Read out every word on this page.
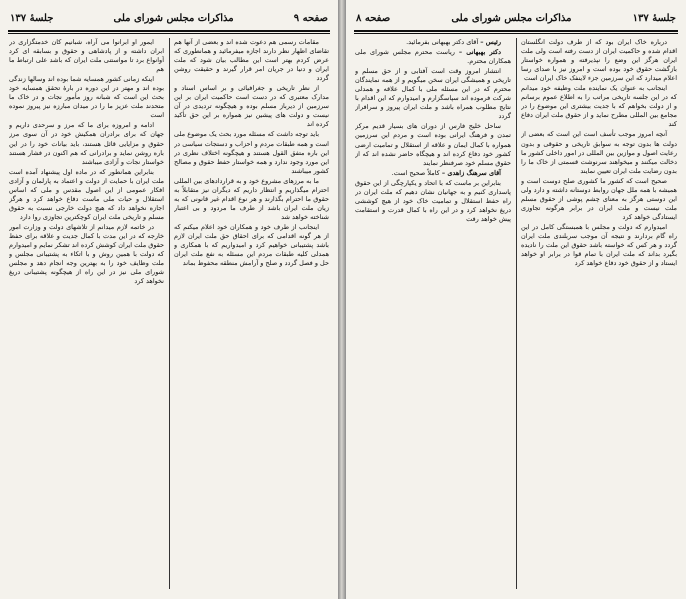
صفحه ۹
مذاکرات مجلس شورای ملی
جلسهٔ ۱۳۷

ایمور او ابرانوا می آراه، شبانیم کان خدمتگزاری در ابران داشته و از پادشاهی و حقوق و بسابقه ای کرد آوانواع برد تا مواستنی ملت ایران که باشد علی ارتباط ما هم

اینکه زمانی کشور همسایه شما بوده اند وسالها زندگی بوده اند و مهتر در این دوره در بارهٔ تحقق همسایه خود بحث این است که شبانه روز مأمور نجات و در خاک ما متحدند ملت عزیز ما را در میدان مبارزه نیز پیروز نموده است

ادامه و امروزه برای ما که مرز و سرحدی داریم و جهان که برای برادران همکیش خود در آن سوی مرز حقوق و مزایایی قائل هستند، باید بیانات خود را در این باره روشن نماید و برادرانی که هم اکنون در فشار هستند خواستار نجات و آزادی میباشند

بنابراین همانطور که در ماده اول پیشنهاد آمده است ملت ایران با حمایت از دولت و اعتماد به پارلمان و آزادی افکار عمومی از این اصول مقدس و ملی که اساس استقلال و حیات ملی ماست دفاع خواهد کرد و هرگز اجازه نخواهد داد که هیچ دولت خارجی نسبت به حقوق مسلم و تاریخی ملت ایران کوچکترین تجاوزی روا دارد

در خاتمه لازم میدانم از تلاشهای دولت و وزارت امور خارجه که در این مدت با کمال جدیت و علاقه برای حفظ حقوق ملت ایران کوشش کرده اند تشکر نمایم و امیدوارم که دولت با همین روش و با اتکاء به پشتیبانی مجلس و ملت وظایف خود را به بهترین وجه انجام دهد و مجلس شورای ملی نیز در این راه از هیچگونه پشتیبانی دریغ نخواهد کرد

مقامات رسمی هم دعوت شده اند و بعضی از آنها هم تقاضای اظهار نظر دارند اجازه میفرمائید و همانطوری که عرض کردم بهتر است این مطالب بیان شود که ملت ایران و دنیا در جریان امر قرار گیرند و حقیقت روشن گردد

از نظر تاریخی و جغرافیائی و بر اساس اسناد و مدارک معتبری که در دست است حاکمیت ایران بر این سرزمین از دیرباز مسلم بوده و هیچگونه تردیدی در آن نیست و دولت های پیشین نیز همواره بر این حق تأکید کرده اند

باید توجه داشت که مسئله مورد بحث یک موضوع ملی است و همه طبقات مردم و احزاب و دستجات سیاسی در این باره متفق القول هستند و هیچگونه اختلاف نظری در این مورد وجود ندارد و همه خواستار حفظ حقوق و مصالح کشور میباشند

ما به مرزهای مشروع خود و به قراردادهای بین المللی احترام میگذاریم و انتظار داریم که دیگران نیز متقابلاً به حقوق ما احترام بگذارند و هر نوع اقدام غیر قانونی که به زیان ملت ایران باشد از طرف ما مردود و بی اعتبار شناخته خواهد شد

اینجانب از طرف خود و همکاران خود اعلام میکنم که از هر گونه اقدامی که برای احقاق حق ملت ایران لازم باشد پشتیبانی خواهیم کرد و امیدواریم که با همکاری و همدلی کلیه طبقات مردم این مسئله به نفع ملت ایران حل و فصل گردد و صلح و آرامش منطقه محفوظ بماند

جلسهٔ ۱۳۷
مذاکرات مجلس شورای ملی
صفحه ۸

رئیس – آقای دکتر بهبهانی بفرمائید.

دکتر بهبهانی – ریاست محترم مجلس شورای ملی همکاران محترم.

انتشار امروز وقت است آفتابی و از حق مسلم و تاریخی و همیشگی ایران سخن میگویم و از همه نمایندگان محترم که در این مسئله ملی با کمال علاقه و همدلی شرکت فرموده اند سپاسگزارم و امیدوارم که این اقدام با نتایج مطلوب همراه باشد و ملت ایران پیروز و سرافراز گردد

ساحل خلیج فارس از دوران های بسیار قدیم مرکز تمدن و فرهنگ ایرانی بوده است و مردم این سرزمین همواره با کمال ایمان و علاقه از استقلال و تمامیت ارضی کشور خود دفاع کرده اند و هیچگاه حاضر نشده اند که از حقوق مسلم خود صرفنظر نمایند

آقای سرهنگ زاهدی – کاملاً صحیح است.

بنابراین بر ماست که با اتحاد و یکپارچگی از این حقوق پاسداری کنیم و به جهانیان نشان دهیم که ملت ایران در راه حفظ استقلال و تمامیت خاک خود از هیچ کوششی دریغ نخواهد کرد و در این راه با کمال قدرت و استقامت پیش خواهد رفت

درباره خاک ایران بود که از طرف دولت انگلستان اقدام شده و حاکمیت ایران از دست رفته است ولی ملت ایران هرگز این وضع را نپذیرفته و همواره خواستار بازگشت حقوق خود بوده است و امروز نیز با صدای رسا اعلام میدارد که این سرزمین جزء لاینفک خاک ایران است

اینجانب به عنوان یک نماینده ملت وظیفه خود میدانم که در این جلسه تاریخی مراتب را به اطلاع عموم برسانم و از دولت بخواهم که با جدیت بیشتری این موضوع را در مجامع بین المللی مطرح نماید و از حقوق ملت ایران دفاع کند

آنچه امروز موجب تأسف است این است که بعضی از دولت ها بدون توجه به سوابق تاریخی و حقوقی و بدون رعایت اصول و موازین بین المللی در امور داخلی کشور ما دخالت میکنند و میخواهند سرنوشت قسمتی از خاک ما را بدون رضایت ملت ایران تعیین نمایند

صحیح است که کشور ما کشوری صلح دوست است و همیشه با همه ملل جهان روابط دوستانه داشته و دارد ولی این دوستی هرگز به معنای چشم پوشی از حقوق مسلم ملت نیست و ملت ایران در برابر هرگونه تجاوزی ایستادگی خواهد کرد

امیدوارم که دولت و مجلس با همبستگی کامل در این راه گام بردارند و نتیجه آن موجب سربلندی ملت ایران گردد و هر کس که خواسته باشد حقوق این ملت را نادیده بگیرد بداند که ملت ایران با تمام قوا در برابر او خواهد ایستاد و از حقوق خود دفاع خواهد کرد
